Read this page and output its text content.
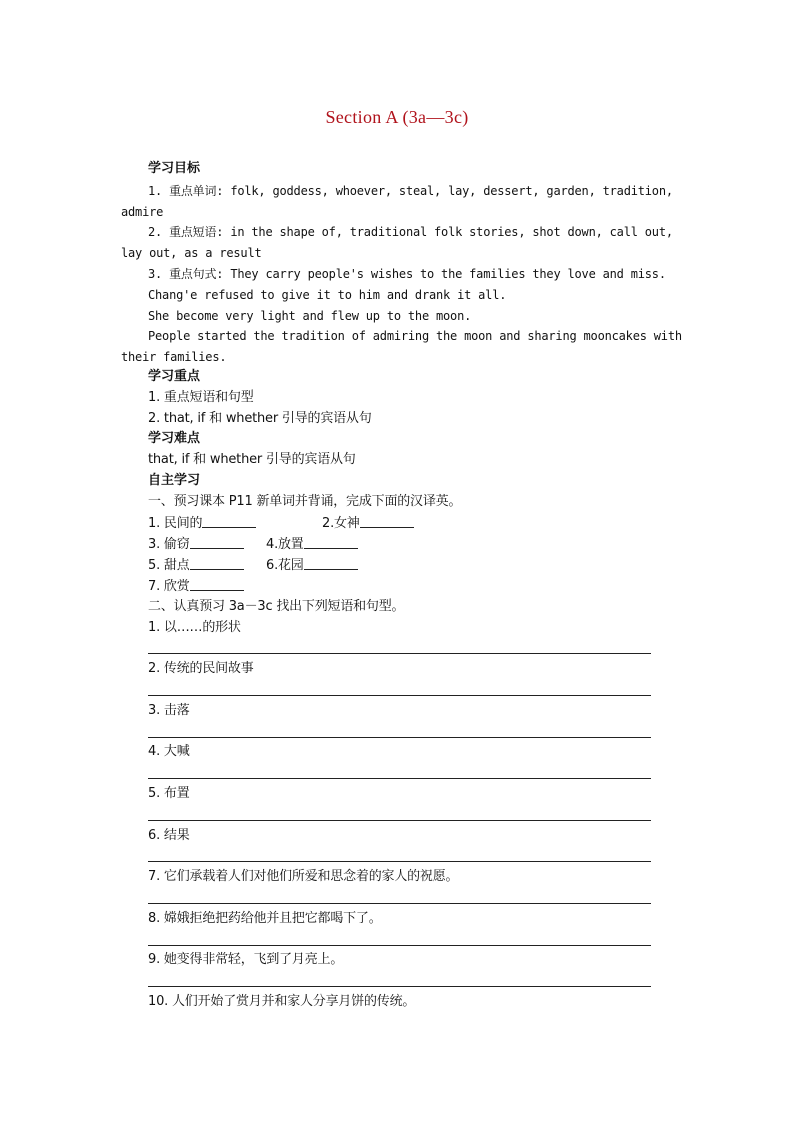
Section A (3a—3c)
学习目标
1. 重点单词: folk, goddess, whoever, steal, lay, dessert, garden, tradition,
admire
2. 重点短语: in the shape of, traditional folk stories, shot down, call out,
lay out, as a result
3. 重点句式: They carry people's wishes to the families they love and miss.
Chang'e refused to give it to him and drank it all.
She become very light and flew up to the moon.
People started the tradition of admiring the moon and sharing mooncakes with
their families.
学习重点
1. 重点短语和句型
2. that, if 和 whether 引导的宾语从句
学习难点
that, if 和 whether 引导的宾语从句
自主学习
一、预习课本 P11 新单词并背诵，完成下面的汉译英。
1. 民间的	2.女神
3. 偷窃	4.放置
5. 甜点	6.花园
7. 欣赏
二、认真预习 3a－3c 找出下列短语和句型。
1. 以……的形状
2. 传统的民间故事
3. 击落
4. 大喊
5. 布置
6. 结果
7. 它们承载着人们对他们所爱和思念着的家人的祝愿。
8. 嫦娥拒绝把药给他并且把它都喝下了。
9. 她变得非常轻，飞到了月亮上。
10. 人们开始了赏月并和家人分享月饼的传统。
